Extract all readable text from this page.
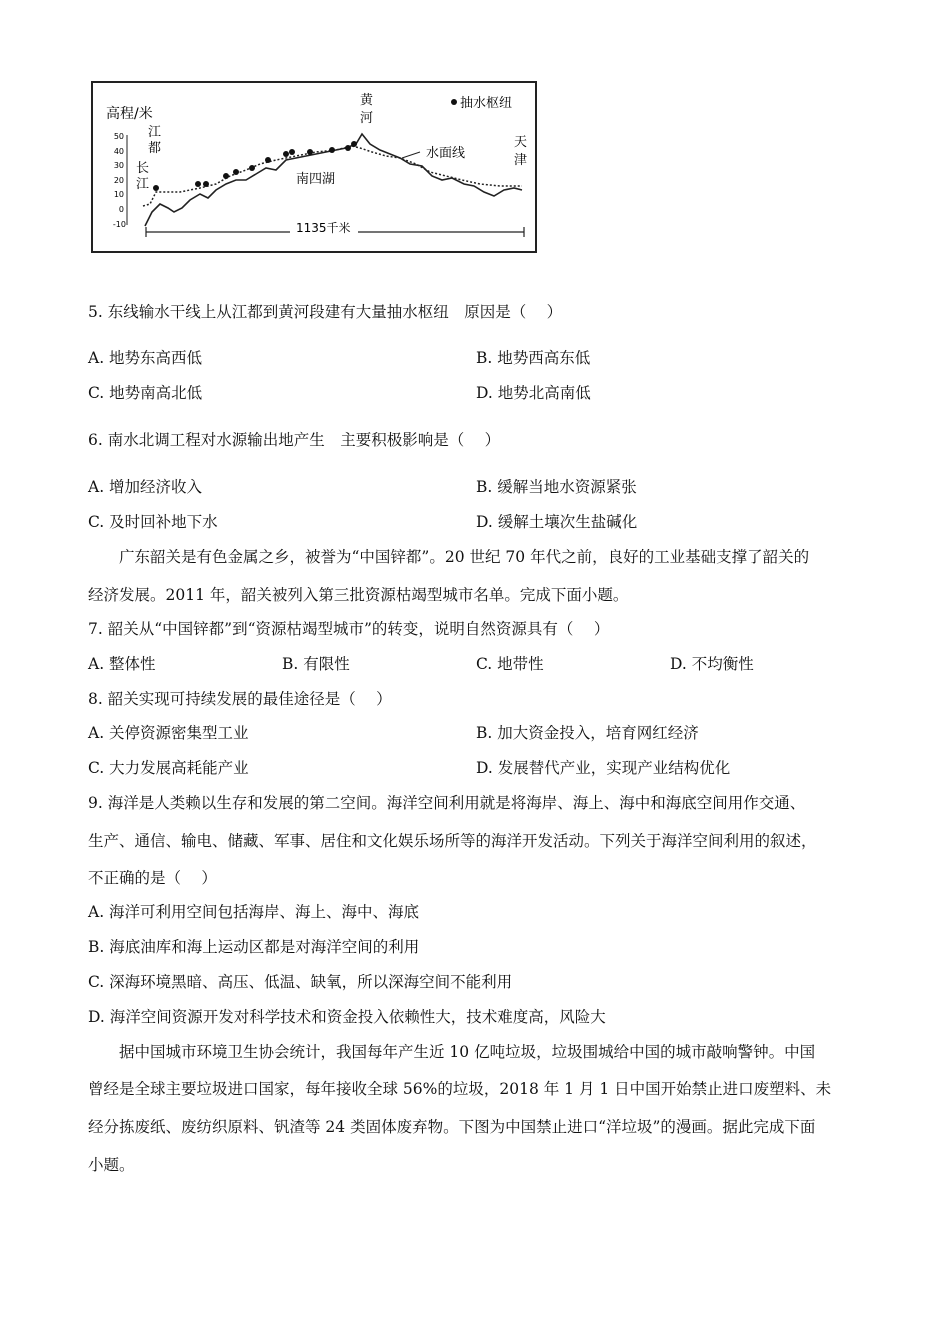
高程/米
50
40
30
20
10
0
-10
抽水枢纽
江
都
长
江
黄
河
天
津
南四湖
水面线
1135千米
5. 东线输水干线上从江都到黄河段建有大量抽水枢纽　原因是（　 ）
A. 地势东高西低	B. 地势西高东低
C. 地势南高北低	D. 地势北高南低
6. 南水北调工程对水源输出地产生　主要积极影响是（　 ）
A. 增加经济收入	B. 缓解当地水资源紧张
C. 及时回补地下水	D. 缓解土壤次生盐碱化
广东韶关是有色金属之乡，被誉为“中国锌都”。20 世纪 70 年代之前，良好的工业基础支撑了韶关的
经济发展。2011 年，韶关被列入第三批资源枯竭型城市名单。完成下面小题。
7. 韶关从“中国锌都”到“资源枯竭型城市”的转变，说明自然资源具有（　 ）
A. 整体性	B. 有限性	C. 地带性	D. 不均衡性
8. 韶关实现可持续发展的最佳途径是（　 ）
A. 关停资源密集型工业	B. 加大资金投入，培育网红经济
C. 大力发展高耗能产业	D. 发展替代产业，实现产业结构优化
9. 海洋是人类赖以生存和发展的第二空间。海洋空间利用就是将海岸、海上、海中和海底空间用作交通、
生产、通信、输电、储藏、军事、居住和文化娱乐场所等的海洋开发活动。下列关于海洋空间利用的叙述，
不正确的是（　 ）
A. 海洋可利用空间包括海岸、海上、海中、海底
B. 海底油库和海上运动区都是对海洋空间的利用
C. 深海环境黑暗、高压、低温、缺氧，所以深海空间不能利用
D. 海洋空间资源开发对科学技术和资金投入依赖性大，技术难度高，风险大
据中国城市环境卫生协会统计，我国每年产生近 10 亿吨垃圾，垃圾围城给中国的城市敲响警钟。中国
曾经是全球主要垃圾进口国家，每年接收全球 56%的垃圾，2018 年 1 月 1 日中国开始禁止进口废塑料、未
经分拣废纸、废纺织原料、钒渣等 24 类固体废弃物。下图为中国禁止进口“洋垃圾”的漫画。据此完成下面
小题。
